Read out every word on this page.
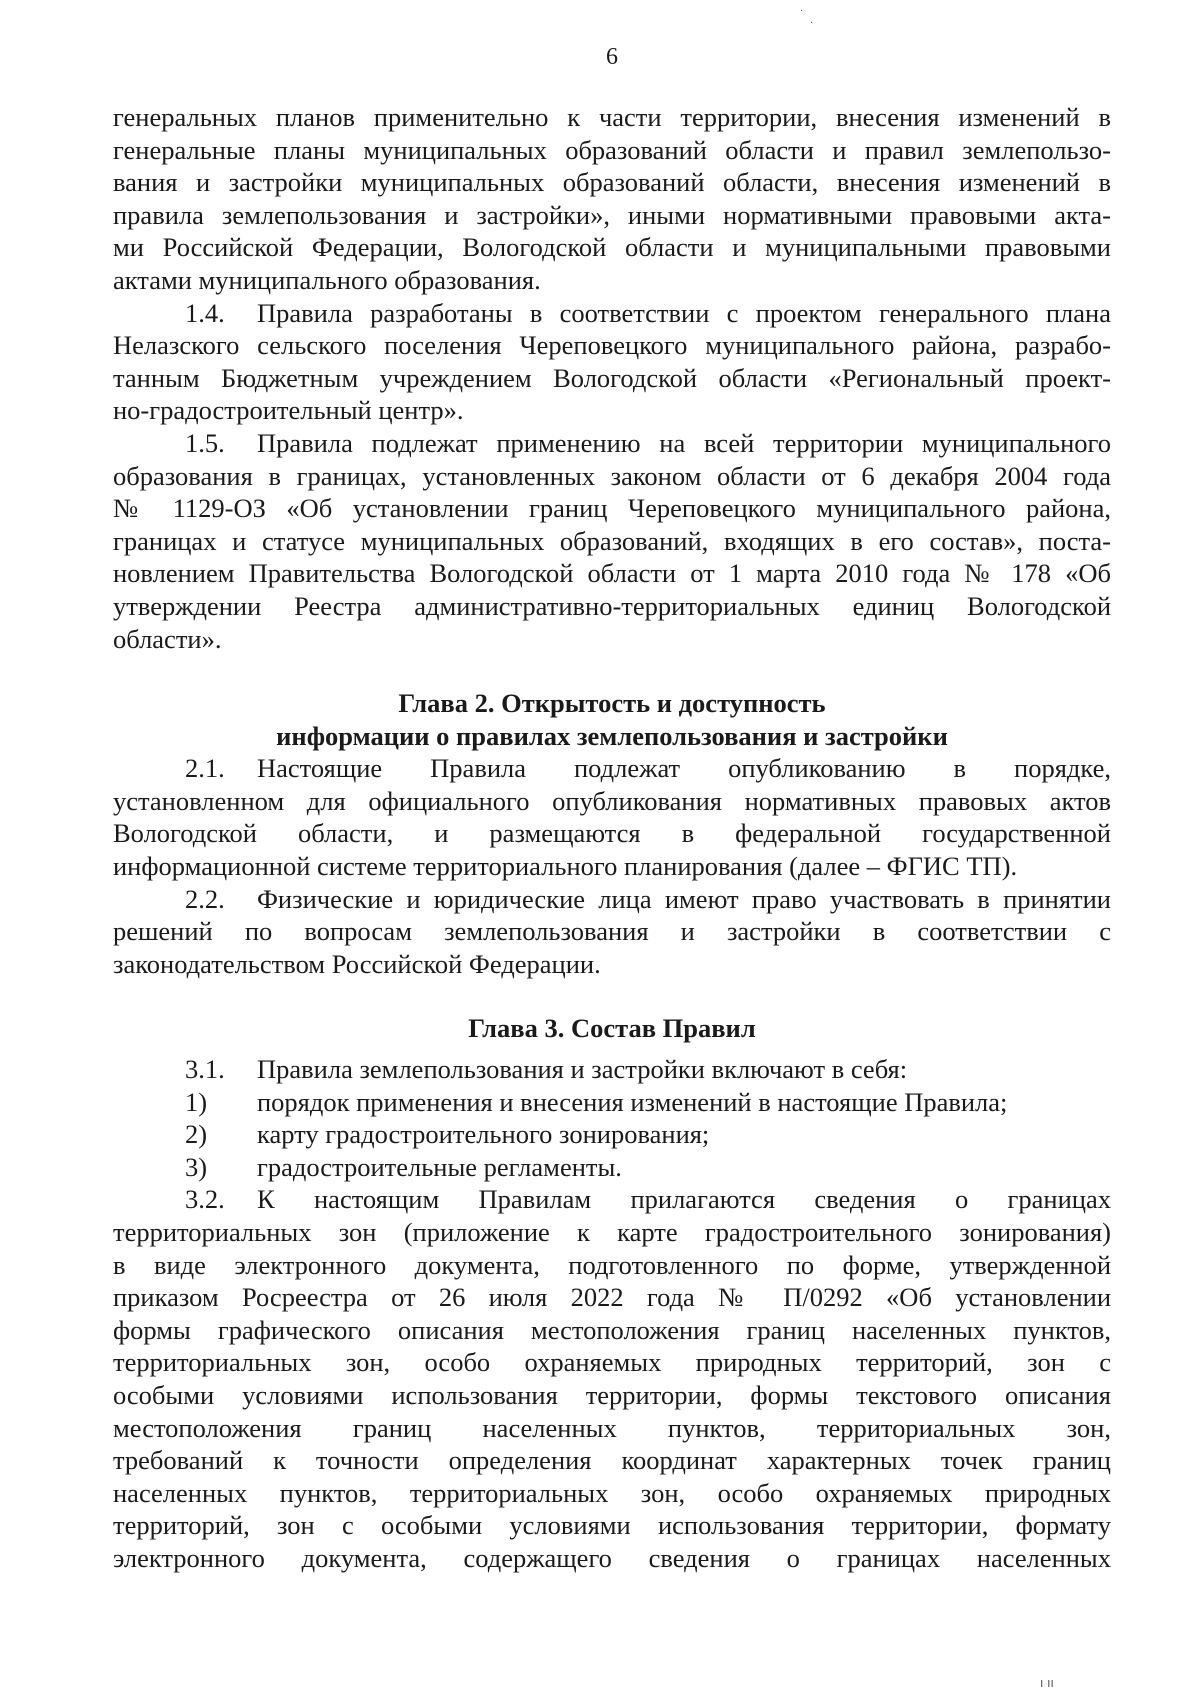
6
генеральных планов применительно к части территории, внесения изменений в
генеральные планы муниципальных образований области и правил землепользо-
вания и застройки муниципальных образований области, внесения изменений в
правила землепользования и застройки», иными нормативными правовыми акта-
ми Российской Федерации, Вологодской области и муниципальными правовыми
актами муниципального образования.
1.4. Правила разработаны в соответствии с проектом генерального плана
Нелазского сельского поселения Череповецкого муниципального района, разрабо-
танным Бюджетным учреждением Вологодской области «Региональный проект-
но-градостроительный центр».
1.5. Правила подлежат применению на всей территории муниципального
образования в границах, установленных законом области от 6 декабря 2004 года
№ 1129-ОЗ «Об установлении границ Череповецкого муниципального района,
границах и статусе муниципальных образований, входящих в его состав», поста-
новлением Правительства Вологодской области от 1 марта 2010 года № 178 «Об
утверждении Реестра административно-территориальных единиц Вологодской
области».
Глава 2. Открытость и доступность
информации о правилах землепользования и застройки
2.1. Настоящие Правила подлежат опубликованию в порядке,
установленном для официального опубликования нормативных правовых актов
Вологодской области, и размещаются в федеральной государственной
информационной системе территориального планирования (далее – ФГИС ТП).
2.2. Физические и юридические лица имеют право участвовать в принятии
решений по вопросам землепользования и застройки в соответствии с
законодательством Российской Федерации.
Глава 3. Состав Правил
3.1. Правила землепользования и застройки включают в себя:
1) порядок применения и внесения изменений в настоящие Правила;
2) карту градостроительного зонирования;
3) градостроительные регламенты.
3.2. К настоящим Правилам прилагаются сведения о границах
территориальных зон (приложение к карте градостроительного зонирования)
в виде электронного документа, подготовленного по форме, утвержденной
приказом Росреестра от 26 июля 2022 года № П/0292 «Об установлении
формы графического описания местоположения границ населенных пунктов,
территориальных зон, особо охраняемых природных территорий, зон с
особыми условиями использования территории, формы текстового описания
местоположения границ населенных пунктов, территориальных зон,
требований к точности определения координат характерных точек границ
населенных пунктов, территориальных зон, особо охраняемых природных
территорий, зон с особыми условиями использования территории, формату
электронного документа, содержащего сведения о границах населенных
·
·
ı ıı
